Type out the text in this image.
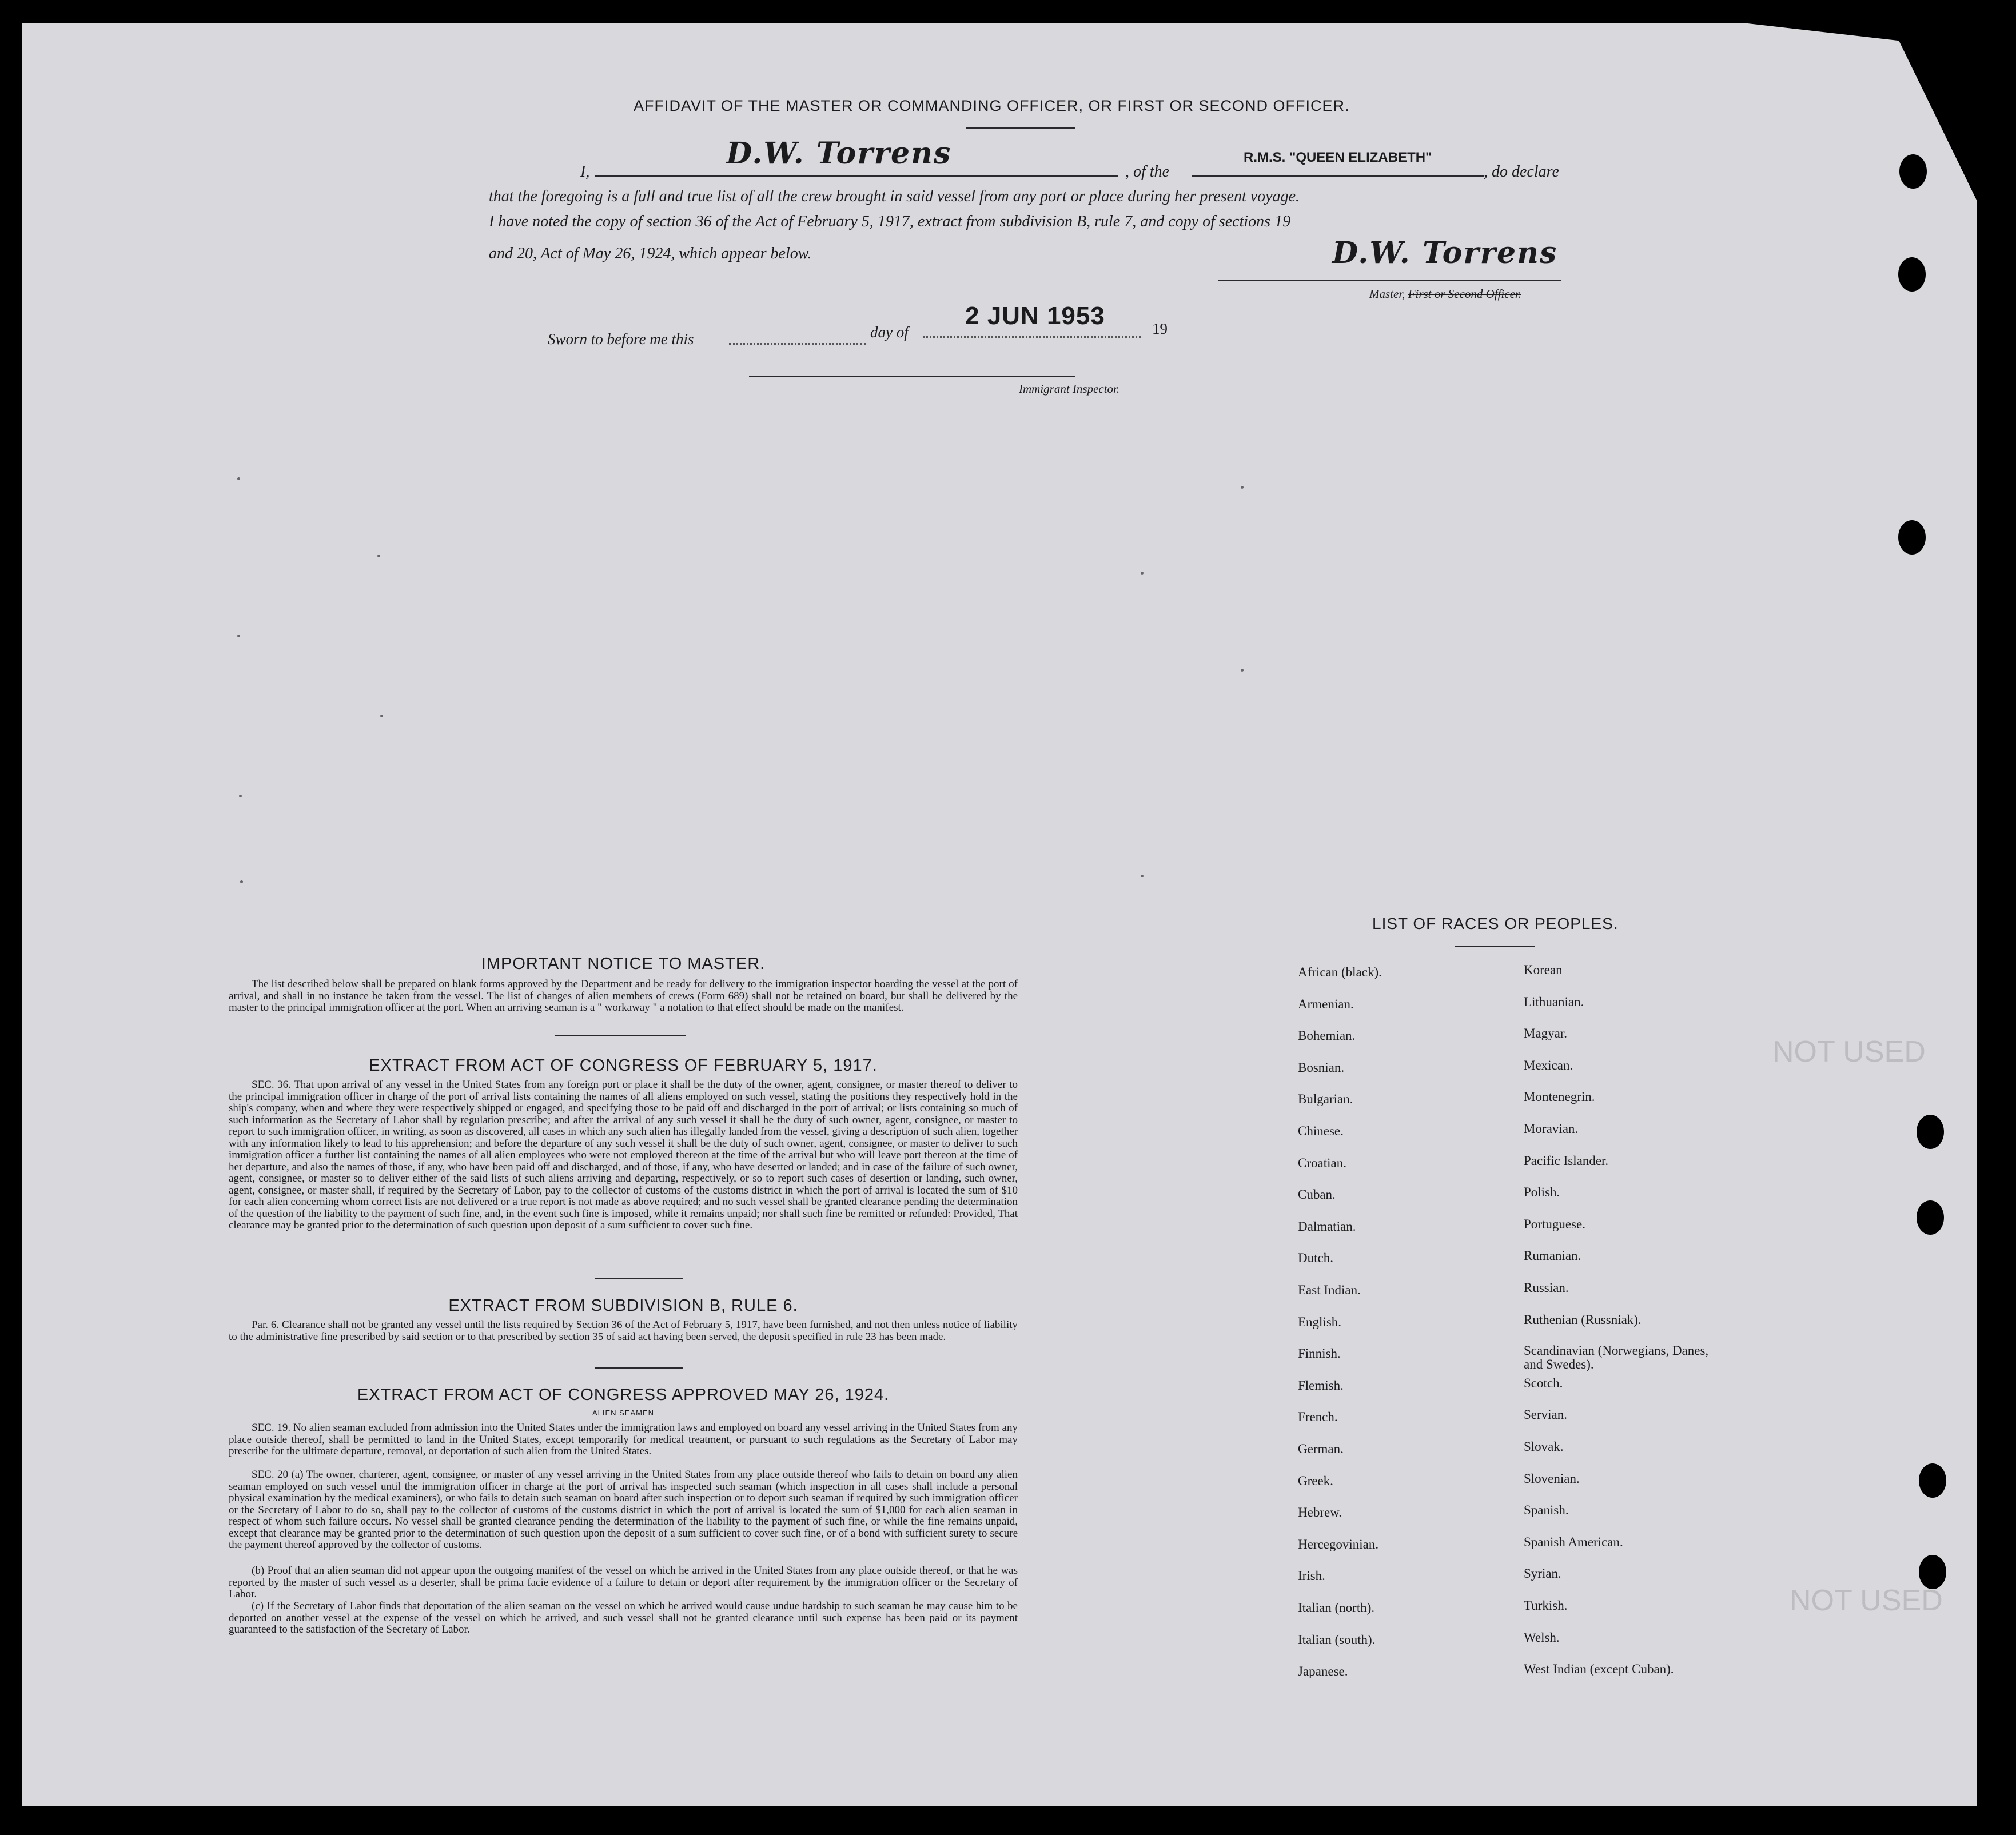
NOT USED
NOT USED
AFFIDAVIT OF THE MASTER OR COMMANDING OFFICER, OR FIRST OR SECOND OFFICER.
I,
D.W. Torrens
, of the
R.M.S. "QUEEN ELIZABETH"
, do declare
that the foregoing is a full and true list of all the crew brought in said vessel from any port or place during her present voyage.
I have noted the copy of section 36 of the Act of February 5, 1917, extract from subdivision B, rule 7, and copy of sections 19
and 20, Act of May 26, 1924, which appear below.	D.W. Torrens
Master, First or Second Officer.
Sworn to before me this	day of
2 JUN 1953	19
Immigrant Inspector.
IMPORTANT NOTICE TO MASTER.
The list described below shall be prepared on blank forms approved by the Department and be ready for delivery to the immigration inspector boarding the vessel at the port of arrival, and shall in no instance be taken from the vessel. The list of changes of alien members of crews (Form 689) shall not be retained on board, but shall be delivered by the master to the principal immigration officer at the port. When an arriving seaman is a " workaway " a notation to that effect should be made on the manifest.
EXTRACT FROM ACT OF CONGRESS OF FEBRUARY 5, 1917.
SEC. 36. That upon arrival of any vessel in the United States from any foreign port or place it shall be the duty of the owner, agent, consignee, or master thereof to deliver to the principal immigration officer in charge of the port of arrival lists containing the names of all aliens employed on such vessel, stating the positions they respectively hold in the ship's company, when and where they were respectively shipped or engaged, and specifying those to be paid off and discharged in the port of arrival; or lists containing so much of such information as the Secretary of Labor shall by regulation prescribe; and after the arrival of any such vessel it shall be the duty of such owner, agent, consignee, or master to report to such immigration officer, in writing, as soon as discovered, all cases in which any such alien has illegally landed from the vessel, giving a description of such alien, together with any information likely to lead to his apprehension; and before the departure of any such vessel it shall be the duty of such owner, agent, consignee, or master to deliver to such immigration officer a further list containing the names of all alien employees who were not employed thereon at the time of the arrival but who will leave port thereon at the time of her departure, and also the names of those, if any, who have been paid off and discharged, and of those, if any, who have deserted or landed; and in case of the failure of such owner, agent, consignee, or master so to deliver either of the said lists of such aliens arriving and departing, respectively, or so to report such cases of desertion or landing, such owner, agent, consignee, or master shall, if required by the Secretary of Labor, pay to the collector of customs of the customs district in which the port of arrival is located the sum of $10 for each alien concerning whom correct lists are not delivered or a true report is not made as above required; and no such vessel shall be granted clearance pending the determination of the question of the liability to the payment of such fine, and, in the event such fine is imposed, while it remains unpaid; nor shall such fine be remitted or refunded: Provided, That clearance may be granted prior to the determination of such question upon deposit of a sum sufficient to cover such fine.
EXTRACT FROM SUBDIVISION B, RULE 6.
Par. 6. Clearance shall not be granted any vessel until the lists required by Section 36 of the Act of February 5, 1917, have been furnished, and not then unless notice of liability to the administrative fine prescribed by said section or to that prescribed by section 35 of said act having been served, the deposit specified in rule 23 has been made.
EXTRACT FROM ACT OF CONGRESS APPROVED MAY 26, 1924.
ALIEN SEAMEN
SEC. 19. No alien seaman excluded from admission into the United States under the immigration laws and employed on board any vessel arriving in the United States from any place outside thereof, shall be permitted to land in the United States, except temporarily for medical treatment, or pursuant to such regulations as the Secretary of Labor may prescribe for the ultimate departure, removal, or deportation of such alien from the United States.
SEC. 20 (a) The owner, charterer, agent, consignee, or master of any vessel arriving in the United States from any place outside thereof who fails to detain on board any alien seaman employed on such vessel until the immigration officer in charge at the port of arrival has inspected such seaman (which inspection in all cases shall include a personal physical examination by the medical examiners), or who fails to detain such seaman on board after such inspection or to deport such seaman if required by such immigration officer or the Secretary of Labor to do so, shall pay to the collector of customs of the customs district in which the port of arrival is located the sum of $1,000 for each alien seaman in respect of whom such failure occurs. No vessel shall be granted clearance pending the determination of the liability to the payment of such fine, or while the fine remains unpaid, except that clearance may be granted prior to the determination of such question upon the deposit of a sum sufficient to cover such fine, or of a bond with sufficient surety to secure the payment thereof approved by the collector of customs.
(b) Proof that an alien seaman did not appear upon the outgoing manifest of the vessel on which he arrived in the United States from any place outside thereof, or that he was reported by the master of such vessel as a deserter, shall be prima facie evidence of a failure to detain or deport after requirement by the immigration officer or the Secretary of Labor.
(c) If the Secretary of Labor finds that deportation of the alien seaman on the vessel on which he arrived would cause undue hardship to such seaman he may cause him to be deported on another vessel at the expense of the vessel on which he arrived, and such vessel shall not be granted clearance until such expense has been paid or its payment guaranteed to the satisfaction of the Secretary of Labor.
LIST OF RACES OR PEOPLES.
African (black).
Armenian.
Bohemian.
Bosnian.
Bulgarian.
Chinese.
Croatian.
Cuban.
Dalmatian.
Dutch.
East Indian.
English.
Finnish.
Flemish.
French.
German.
Greek.
Hebrew.
Hercegovinian.
Irish.
Italian (north).
Italian (south).
Japanese.
Korean
Lithuanian.
Magyar.
Mexican.
Montenegrin.
Moravian.
Pacific Islander.
Polish.
Portuguese.
Rumanian.
Russian.
Ruthenian (Russniak).
Scandinavian (Norwegians, Danes, and Swedes).
Scotch.
Servian.
Slovak.
Slovenian.
Spanish.
Spanish American.
Syrian.
Turkish.
Welsh.
West Indian (except Cuban).
